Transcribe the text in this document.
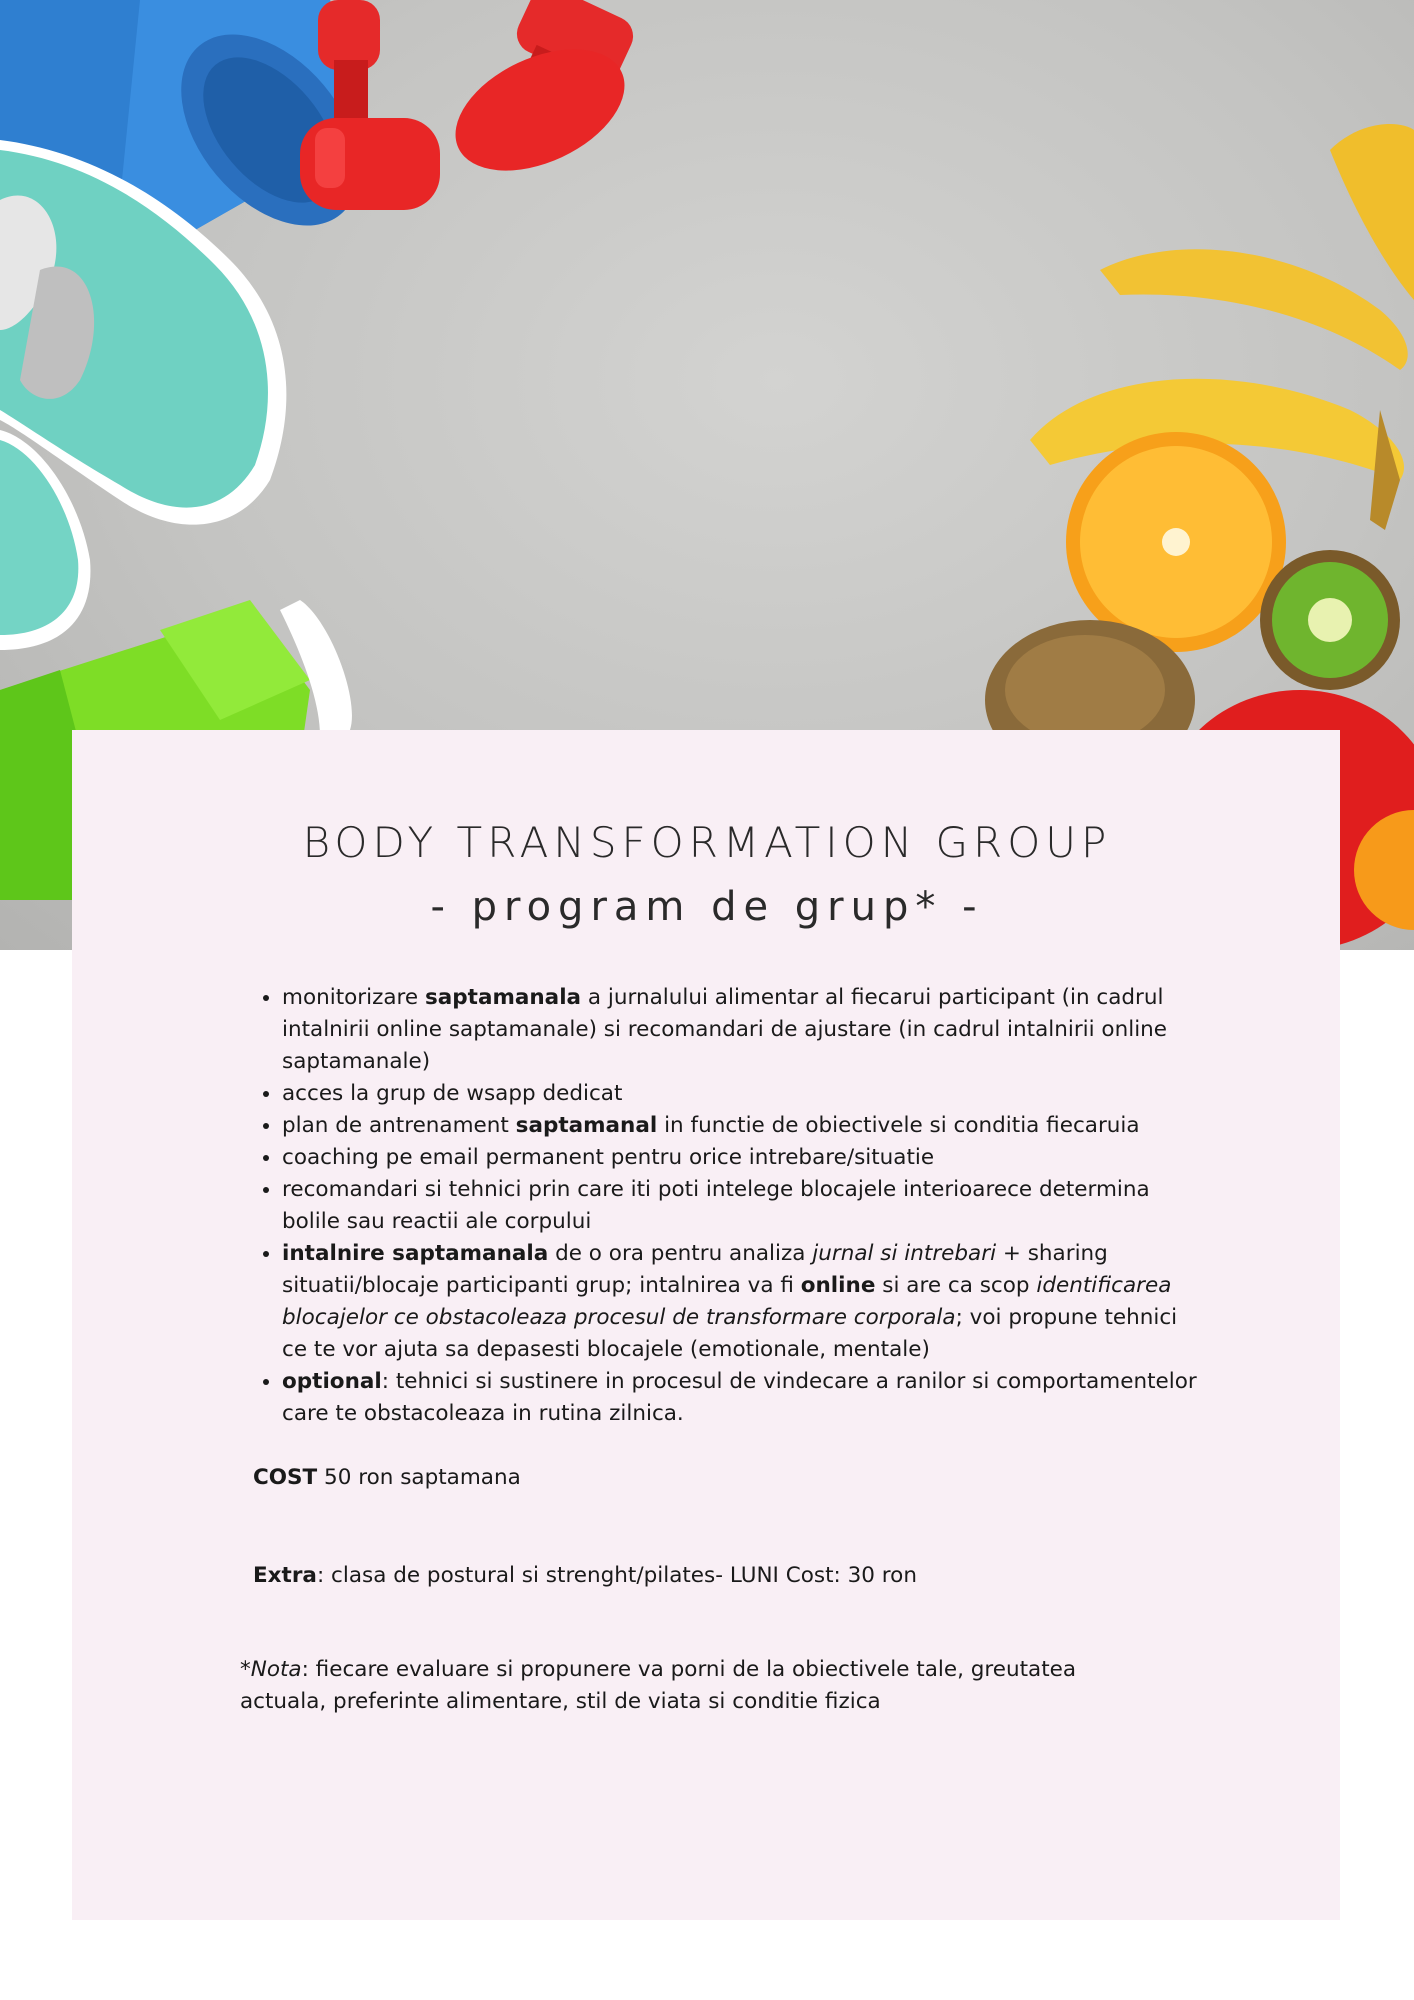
BODY TRANSFORMATION GROUP
- program de grup* -
• monitorizare saptamanala a jurnalului alimentar al fiecarui participant (in cadrul intalnirii online saptamanale) si recomandari de ajustare (in cadrul intalnirii online saptamanale)
• acces la grup de wsapp dedicat
• plan de antrenament saptamanal in functie de obiectivele si conditia fiecaruia
• coaching pe email permanent pentru orice intrebare/situatie
• recomandari si tehnici prin care iti poti intelege blocajele interioarece determina bolile sau reactii ale corpului
• intalnire saptamanala de o ora pentru analiza jurnal si intrebari + sharing situatii/blocaje participanti grup; intalnirea va fi online si are ca scop identificarea blocajelor ce obstacoleaza procesul de transformare corporala; voi propune tehnici ce te vor ajuta sa depasesti blocajele (emotionale, mentale)
• optional: tehnici si sustinere in procesul de vindecare a ranilor si comportamentelor care te obstacoleaza in rutina zilnica.
COST 50 ron saptamana
Extra: clasa de postural si strenght/pilates- LUNI Cost: 30 ron
*Nota: fiecare evaluare si propunere va porni de la obiectivele tale, greutatea actuala, preferinte alimentare, stil de viata si conditie fizica
